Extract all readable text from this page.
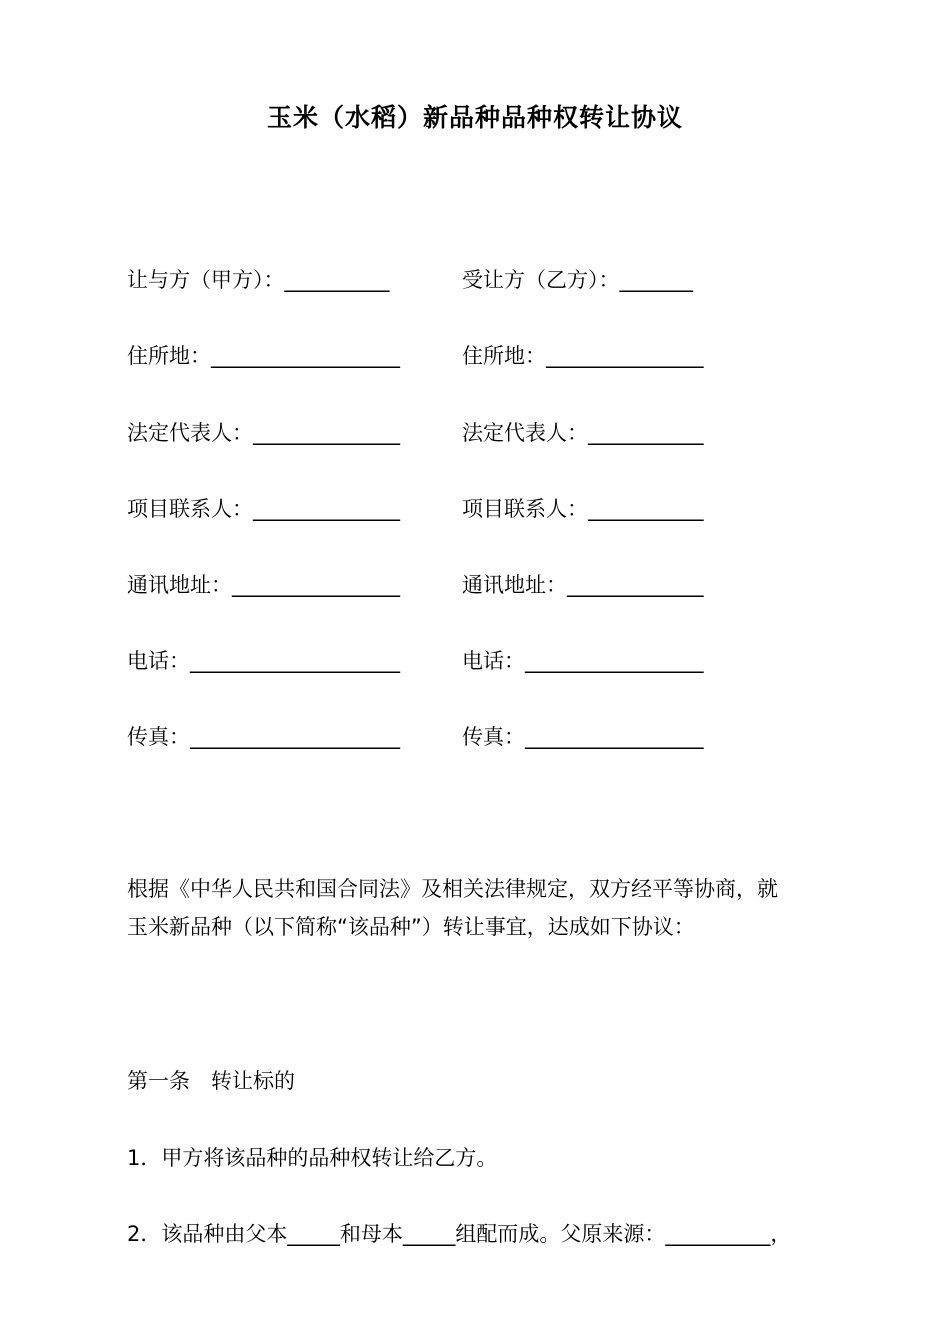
玉米（水稻）新品种品种权转让协议
让与方（甲方）：__________	受让方（乙方）：_______
住所地：__________________	住所地：_______________
法定代表人：______________	法定代表人：___________
项目联系人：______________	项目联系人：___________
通讯地址：________________	通讯地址：_____________
电话：____________________	电话：_________________
传真：____________________	传真：_________________
根据《中华人民共和国合同法》及相关法律规定，双方经平等协商，就
玉米新品种（以下简称“该品种”）转让事宜，达成如下协议：
第一条　转让标的
1．甲方将该品种的品种权转让给乙方。
2．该品种由父本_____和母本_____组配而成。父原来源：__________，
